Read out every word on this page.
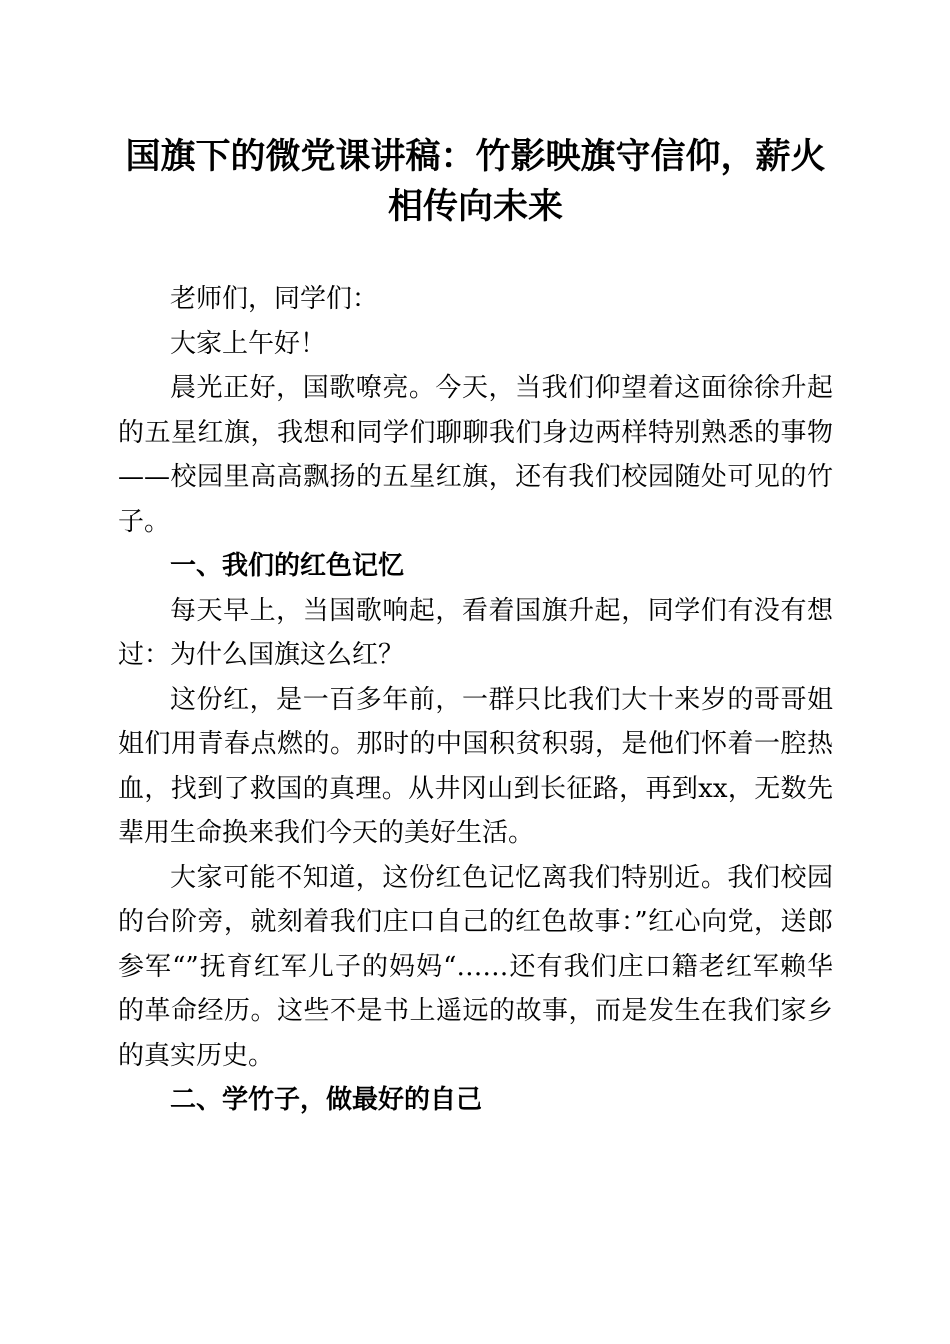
国旗下的微党课讲稿：竹影映旗守信仰，薪火相传向未来

老师们，同学们：

大家上午好！

晨光正好，国歌嘹亮。今天，当我们仰望着这面徐徐升起的五星红旗，我想和同学们聊聊我们身边两样特别熟悉的事物——校园里高高飘扬的五星红旗，还有我们校园随处可见的竹子。

一、我们的红色记忆

每天早上，当国歌响起，看着国旗升起，同学们有没有想过：为什么国旗这么红？

这份红，是一百多年前，一群只比我们大十来岁的哥哥姐姐们用青春点燃的。那时的中国积贫积弱，是他们怀着一腔热血，找到了救国的真理。从井冈山到长征路，再到xx，无数先辈用生命换来我们今天的美好生活。

大家可能不知道，这份红色记忆离我们特别近。我们校园的台阶旁，就刻着我们庄口自己的红色故事：”红心向党，送郎参军“”抚育红军儿子的妈妈“……还有我们庄口籍老红军赖华的革命经历。这些不是书上遥远的故事，而是发生在我们家乡的真实历史。

二、学竹子，做最好的自己
